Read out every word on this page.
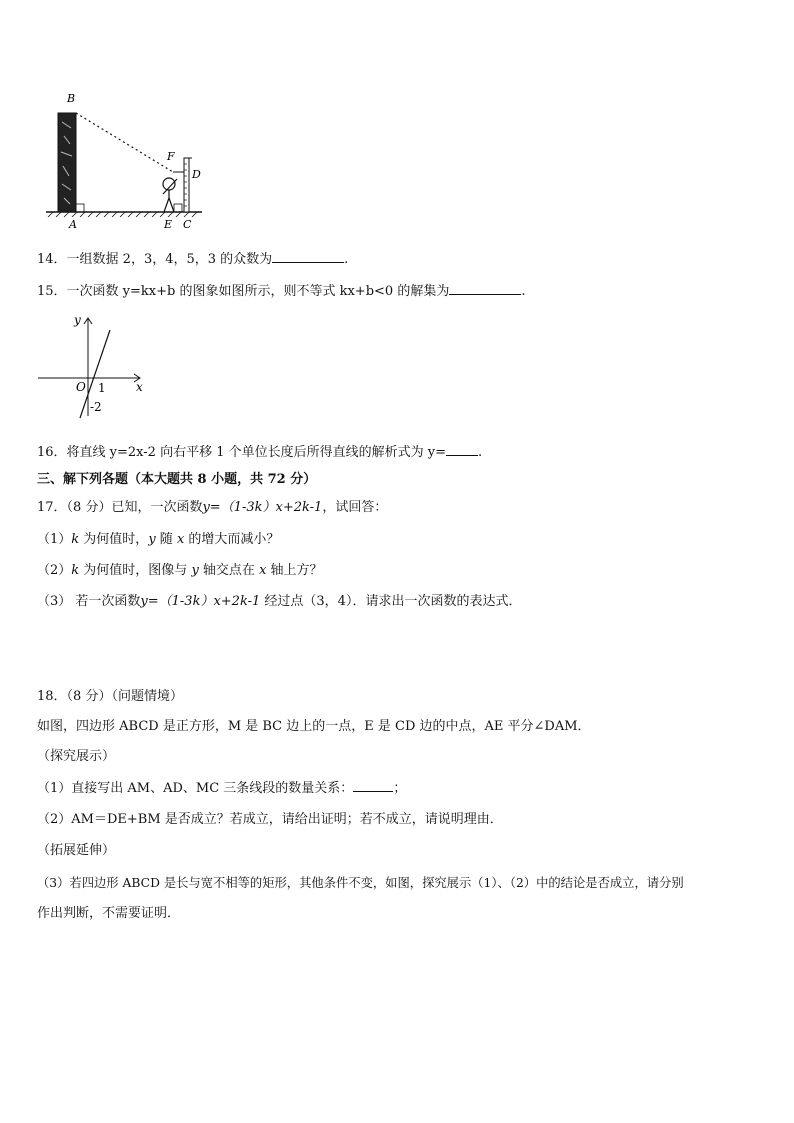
B
F
D
A	E C
14．一组数据 2，3，4，5，3 的众数为	.
15．一次函数 y=kx+b 的图象如图所示，则不等式 kx+b<0 的解集为	.
y
x
O 1
-2
16．将直线 y=2x-2 向右平移 1 个单位长度后所得直线的解析式为 y= .
三、解下列各题（本大题共 8 小题，共 72 分）
17．（8 分）已知，一次函数y=（1-3k）x+2k-1，试回答：
（1）k 为何值时，y 随 x 的增大而减小？
（2）k 为何值时，图像与 y 轴交点在 x 轴上方？
（3） 若一次函数y=（1-3k）x+2k-1 经过点（3，4）．请求出一次函数的表达式．
18．（8 分）（问题情境）
如图，四边形 ABCD 是正方形，M 是 BC 边上的一点，E 是 CD 边的中点，AE 平分∠DAM．
（探究展示）
（1）直接写出 AM、AD、MC 三条线段的数量关系：	；
（2）AM＝DE+BM 是否成立？若成立，请给出证明；若不成立，请说明理由．
（拓展延伸）
（3）若四边形 ABCD 是长与宽不相等的矩形，其他条件不变，如图，探究展示（1）、（2）中的结论是否成立，请分别
作出判断，不需要证明．
